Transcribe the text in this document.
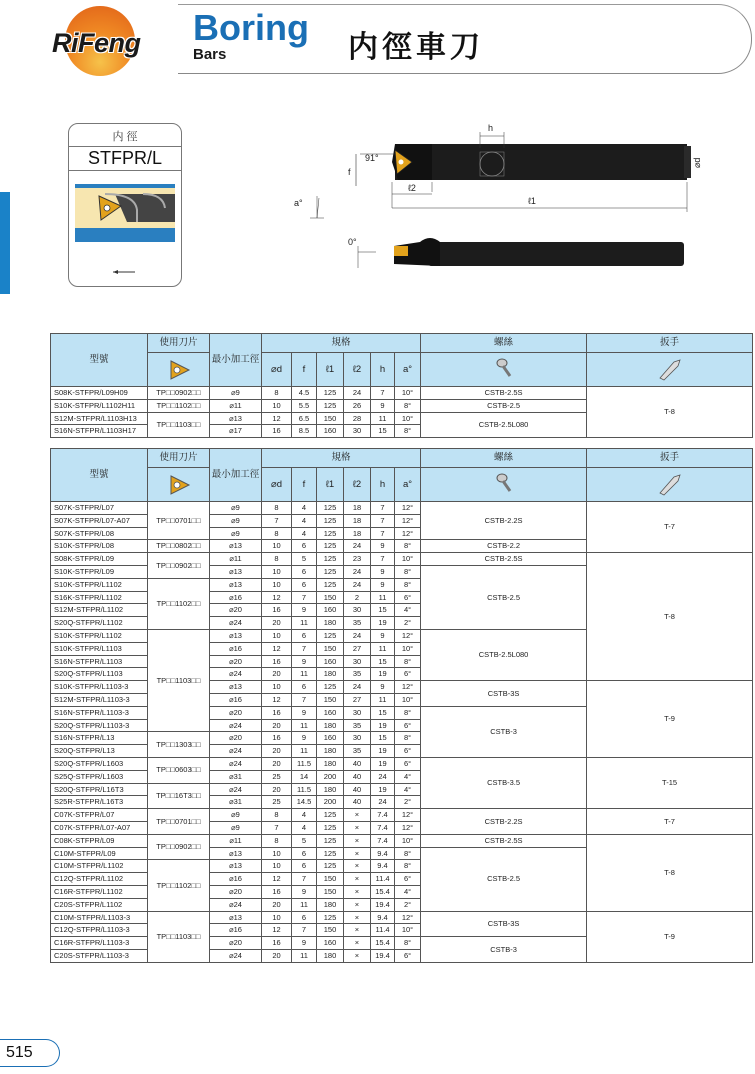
RiFeng Boring
Bars	内徑車刀
内 徑
STFPR/L
h
91°
f
ℓ2
ℓ1
⌀d
a°
0°
型號	使用刀片	最小加工徑	規格						螺絲	扳手
	⌀d	f	ℓ1	ℓ2	h	a°		
S08K-STFPR/L09H09	TP□□0902□□	⌀9	8	4.5	125	24	7	10°	CSTB-2.5S	T-8
S10K-STFPR/L1102H11	TP□□1102□□	⌀11	10	5.5	125	26	9	8°	CSTB-2.5	
S12M-STFPR/L1103H13	TP□□1103□□	⌀13	12	6.5	150	28	11	10°	CSTB-2.5L080	
S16N-STFPR/L1103H17		⌀17	16	8.5	160	30	15	8°		
型號	使用刀片	最小加工徑	規格						螺絲	扳手
	⌀d	f	ℓ1	ℓ2	h	a°		
S07K-STFPR/L07	TP□□0701□□	⌀9	8	4	125	18	7	12°	CSTB-2.2S	T-7
S07K-STFPR/L07-A07		⌀9	7	4	125	18	7	12°		
S07K-STFPR/L08		⌀9	8	4	125	18	7	12°		
S10K-STFPR/L08	TP□□0802□□	⌀13	10	6	125	24	9	8°	CSTB-2.2	
S08K-STFPR/L09	TP□□0902□□	⌀11	8	5	125	23	7	10°	CSTB-2.5S	T-8
S10K-STFPR/L09		⌀13	10	6	125	24	9	8°	CSTB-2.5	
S10K-STFPR/L1102	TP□□1102□□	⌀13	10	6	125	24	9	8°		
S16K-STFPR/L1102		⌀16	12	7	150	2	11	6°		
S12M-STFPR/L1102		⌀20	16	9	160	30	15	4°		
S20Q-STFPR/L1102		⌀24	20	11	180	35	19	2°		
S10K-STFPR/L1102	TP□□1103□□	⌀13	10	6	125	24	9	12°	CSTB-2.5L080	
S10K-STFPR/L1103		⌀16	12	7	150	27	11	10°		
S16N-STFPR/L1103		⌀20	16	9	160	30	15	8°		
S20Q-STFPR/L1103		⌀24	20	11	180	35	19	6°		
S10K-STFPR/L1103-3		⌀13	10	6	125	24	9	12°	CSTB-3S	T-9
S12M-STFPR/L1103-3		⌀16	12	7	150	27	11	10°		
S16N-STFPR/L1103-3		⌀20	16	9	160	30	15	8°	CSTB-3	
S20Q-STFPR/L1103-3		⌀24	20	11	180	35	19	6°		
S16N-STFPR/L13	TP□□1303□□	⌀20	16	9	160	30	15	8°		
S20Q-STFPR/L13		⌀24	20	11	180	35	19	6°		
S20Q-STFPR/L1603	TP□□0603□□	⌀24	20	11.5	180	40	19	6°	CSTB-3.5	T-15
S25Q-STFPR/L1603		⌀31	25	14	200	40	24	4°		
S20Q-STFPR/L16T3	TP□□16T3□□	⌀24	20	11.5	180	40	19	4°		
S25R-STFPR/L16T3		⌀31	25	14.5	200	40	24	2°		
C07K-STFPR/L07	TP□□0701□□	⌀9	8	4	125	×	7.4	12°	CSTB-2.2S	T-7
C07K-STFPR/L07-A07		⌀9	7	4	125	×	7.4	12°		
C08K-STFPR/L09	TP□□0902□□	⌀11	8	5	125	×	7.4	10°	CSTB-2.5S	T-8
C10M-STFPR/L09		⌀13	10	6	125	×	9.4	8°	CSTB-2.5	
C10M-STFPR/L1102	TP□□1102□□	⌀13	10	6	125	×	9.4	8°		
C12Q-STFPR/L1102		⌀16	12	7	150	×	11.4	6°		
C16R-STFPR/L1102		⌀20	16	9	150	×	15.4	4°		
C20S-STFPR/L1102		⌀24	20	11	180	×	19.4	2°		
C10M-STFPR/L1103-3	TP□□1103□□	⌀13	10	6	125	×	9.4	12°	CSTB-3S	T-9
C12Q-STFPR/L1103-3		⌀16	12	7	150	×	11.4	10°		
C16R-STFPR/L1103-3		⌀20	16	9	160	×	15.4	8°	CSTB-3	
C20S-STFPR/L1103-3		⌀24	20	11	180	×	19.4	6°		
515
